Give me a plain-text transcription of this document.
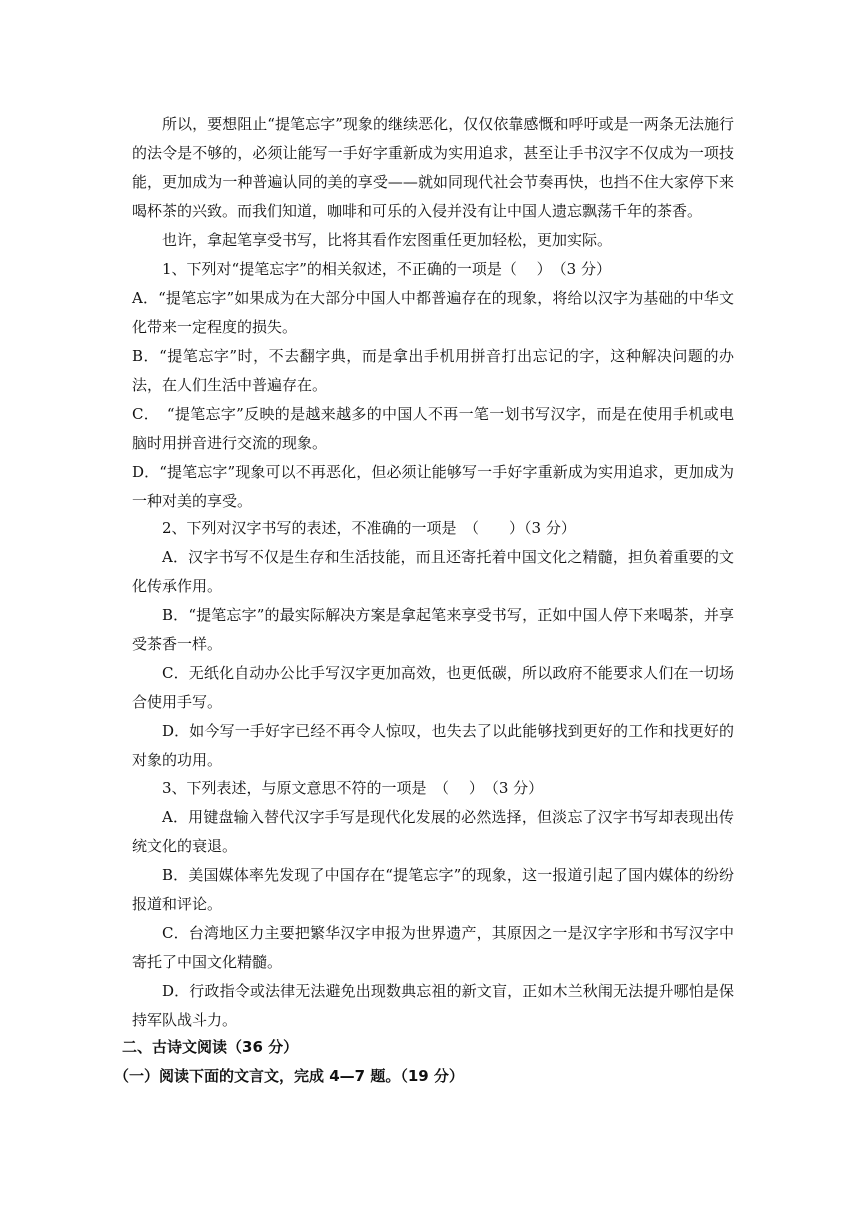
所以，要想阻止“提笔忘字”现象的继续恶化，仅仅依靠感慨和呼吁或是一两条无法施行的法令是不够的，必须让能写一手好字重新成为实用追求，甚至让手书汉字不仅成为一项技能，更加成为一种普遍认同的美的享受——就如同现代社会节奏再快，也挡不住大家停下来喝杯茶的兴致。而我们知道，咖啡和可乐的入侵并没有让中国人遗忘飘荡千年的茶香。

也许，拿起笔享受书写，比将其看作宏图重任更加轻松，更加实际。

1、下列对“提笔忘字”的相关叙述，不正确的一项是（　 ）　（3 分）

A．“提笔忘字”如果成为在大部分中国人中都普遍存在的现象，将给以汉字为基础的中华文化带来一定程度的损失。

B．“提笔忘字”时，不去翻字典，而是拿出手机用拼音打出忘记的字，这种解决问题的办法，在人们生活中普遍存在。

C．　“提笔忘字”反映的是越来越多的中国人不再一笔一划书写汉字，而是在使用手机或电脑时用拼音进行交流的现象。

D．“提笔忘字”现象可以不再恶化，但必须让能够写一手好字重新成为实用追求，更加成为一种对美的享受。

2、下列对汉字书写的表述，不准确的一项是　（　　）（3 分）

A．汉字书写不仅是生存和生活技能，而且还寄托着中国文化之精髓，担负着重要的文化传承作用。

B．“提笔忘字”的最实际解决方案是拿起笔来享受书写，正如中国人停下来喝茶，并享受茶香一样。

C．无纸化自动办公比手写汉字更加高效，也更低碳，所以政府不能要求人们在一切场合使用手写。

D．如今写一手好字已经不再令人惊叹，也失去了以此能够找到更好的工作和找更好的对象的功用。

3、下列表述，与原文意思不符的一项是　（　 ）　（3 分）

A．用键盘输入替代汉字手写是现代化发展的必然选择，但淡忘了汉字书写却表现出传统文化的衰退。

B．美国媒体率先发现了中国存在“提笔忘字”的现象，这一报道引起了国内媒体的纷纷报道和评论。

C．台湾地区力主要把繁华汉字申报为世界遗产，其原因之一是汉字字形和书写汉字中寄托了中国文化精髓。

D．行政指令或法律无法避免出现数典忘祖的新文盲，正如木兰秋闱无法提升哪怕是保持军队战斗力。

二、古诗文阅读（36 分）

（一）阅读下面的文言文，完成 4—7 题。（19 分）
